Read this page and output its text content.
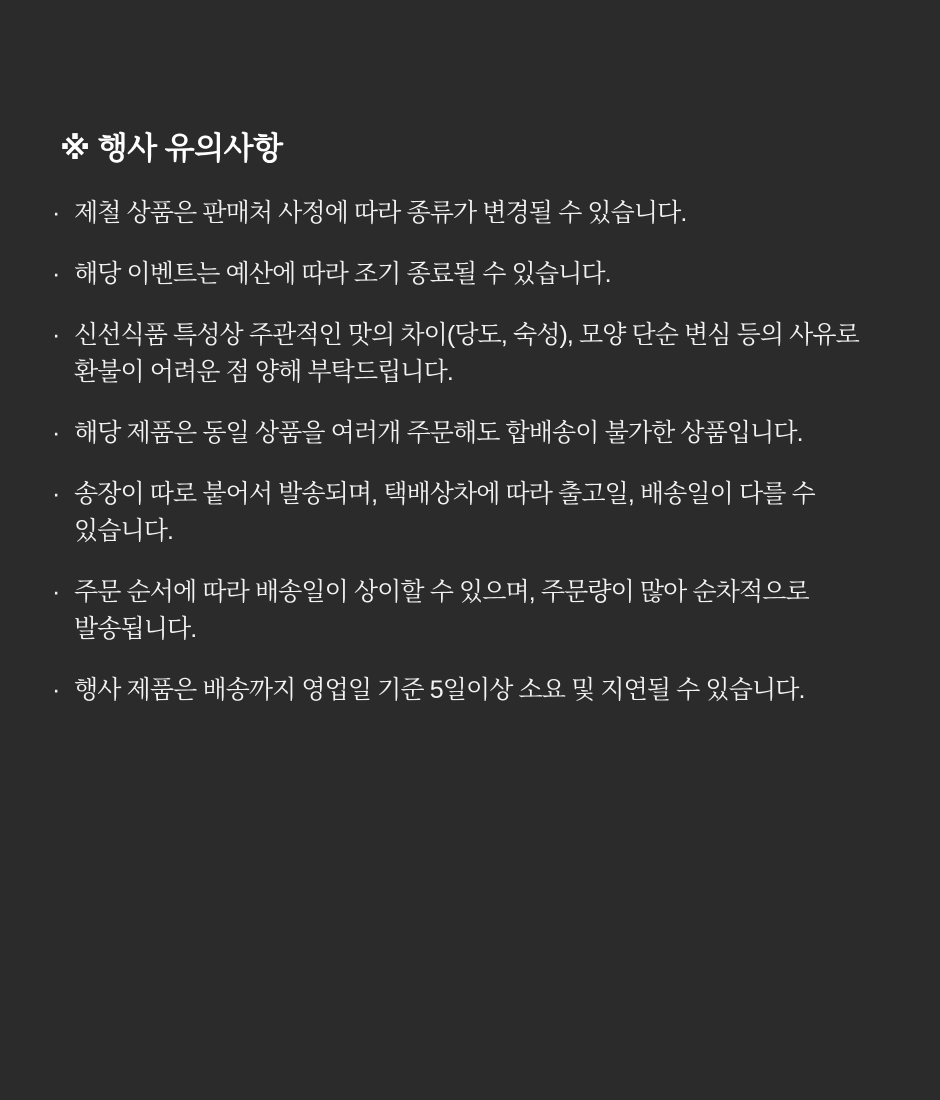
※ 행사 유의사항
· 제철 상품은 판매처 사정에 따라 종류가 변경될 수 있습니다.
· 해당 이벤트는 예산에 따라 조기 종료될 수 있습니다.
· 신선식품 특성상 주관적인 맛의 차이(당도, 숙성), 모양 단순 변심 등의 사유로 환불이 어려운 점 양해 부탁드립니다.
· 해당 제품은 동일 상품을 여러개 주문해도 합배송이 불가한 상품입니다.
· 송장이 따로 붙어서 발송되며, 택배상차에 따라 출고일, 배송일이 다를 수 있습니다.
· 주문 순서에 따라 배송일이 상이할 수 있으며, 주문량이 많아 순차적으로 발송됩니다.
· 행사 제품은 배송까지 영업일 기준 5일이상 소요 및 지연될 수 있습니다.
